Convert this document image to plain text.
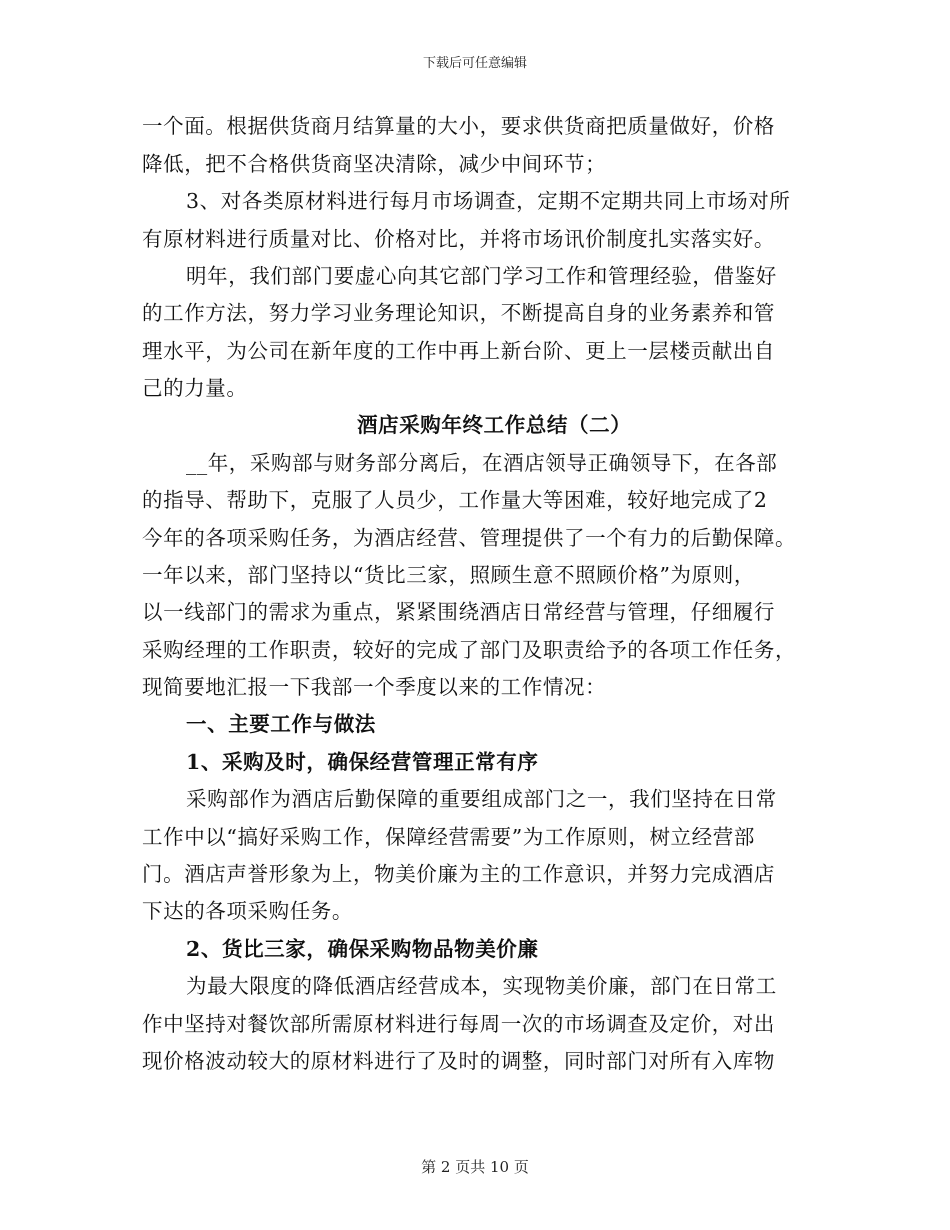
下载后可任意编辑
一个面。根据供货商月结算量的大小，要求供货商把质量做好，价格
降低，把不合格供货商坚决清除，减少中间环节；
3、对各类原材料进行每月市场调查，定期不定期共同上市场对所
有原材料进行质量对比、价格对比，并将市场讯价制度扎实落实好。
明年，我们部门要虚心向其它部门学习工作和管理经验，借鉴好
的工作方法，努力学习业务理论知识，不断提高自身的业务素养和管
理水平，为公司在新年度的工作中再上新台阶、更上一层楼贡献出自
己的力量。
酒店采购年终工作总结（二）
__年，采购部与财务部分离后，在酒店领导正确领导下，在各部
的指导、帮助下，克服了人员少，工作量大等困难，较好地完成了2
今年的各项采购任务，为酒店经营、管理提供了一个有力的后勤保障。
一年以来，部门坚持以“货比三家，照顾生意不照顾价格”为原则，
以一线部门的需求为重点，紧紧围绕酒店日常经营与管理，仔细履行
采购经理的工作职责，较好的完成了部门及职责给予的各项工作任务，
现简要地汇报一下我部一个季度以来的工作情况：
一、主要工作与做法
1、采购及时，确保经营管理正常有序
采购部作为酒店后勤保障的重要组成部门之一，我们坚持在日常
工作中以“搞好采购工作，保障经营需要”为工作原则，树立经营部
门。酒店声誉形象为上，物美价廉为主的工作意识，并努力完成酒店
下达的各项采购任务。
2、货比三家，确保采购物品物美价廉
为最大限度的降低酒店经营成本，实现物美价廉，部门在日常工
作中坚持对餐饮部所需原材料进行每周一次的市场调查及定价，对出
现价格波动较大的原材料进行了及时的调整，同时部门对所有入库物
第 2 页共 10 页
